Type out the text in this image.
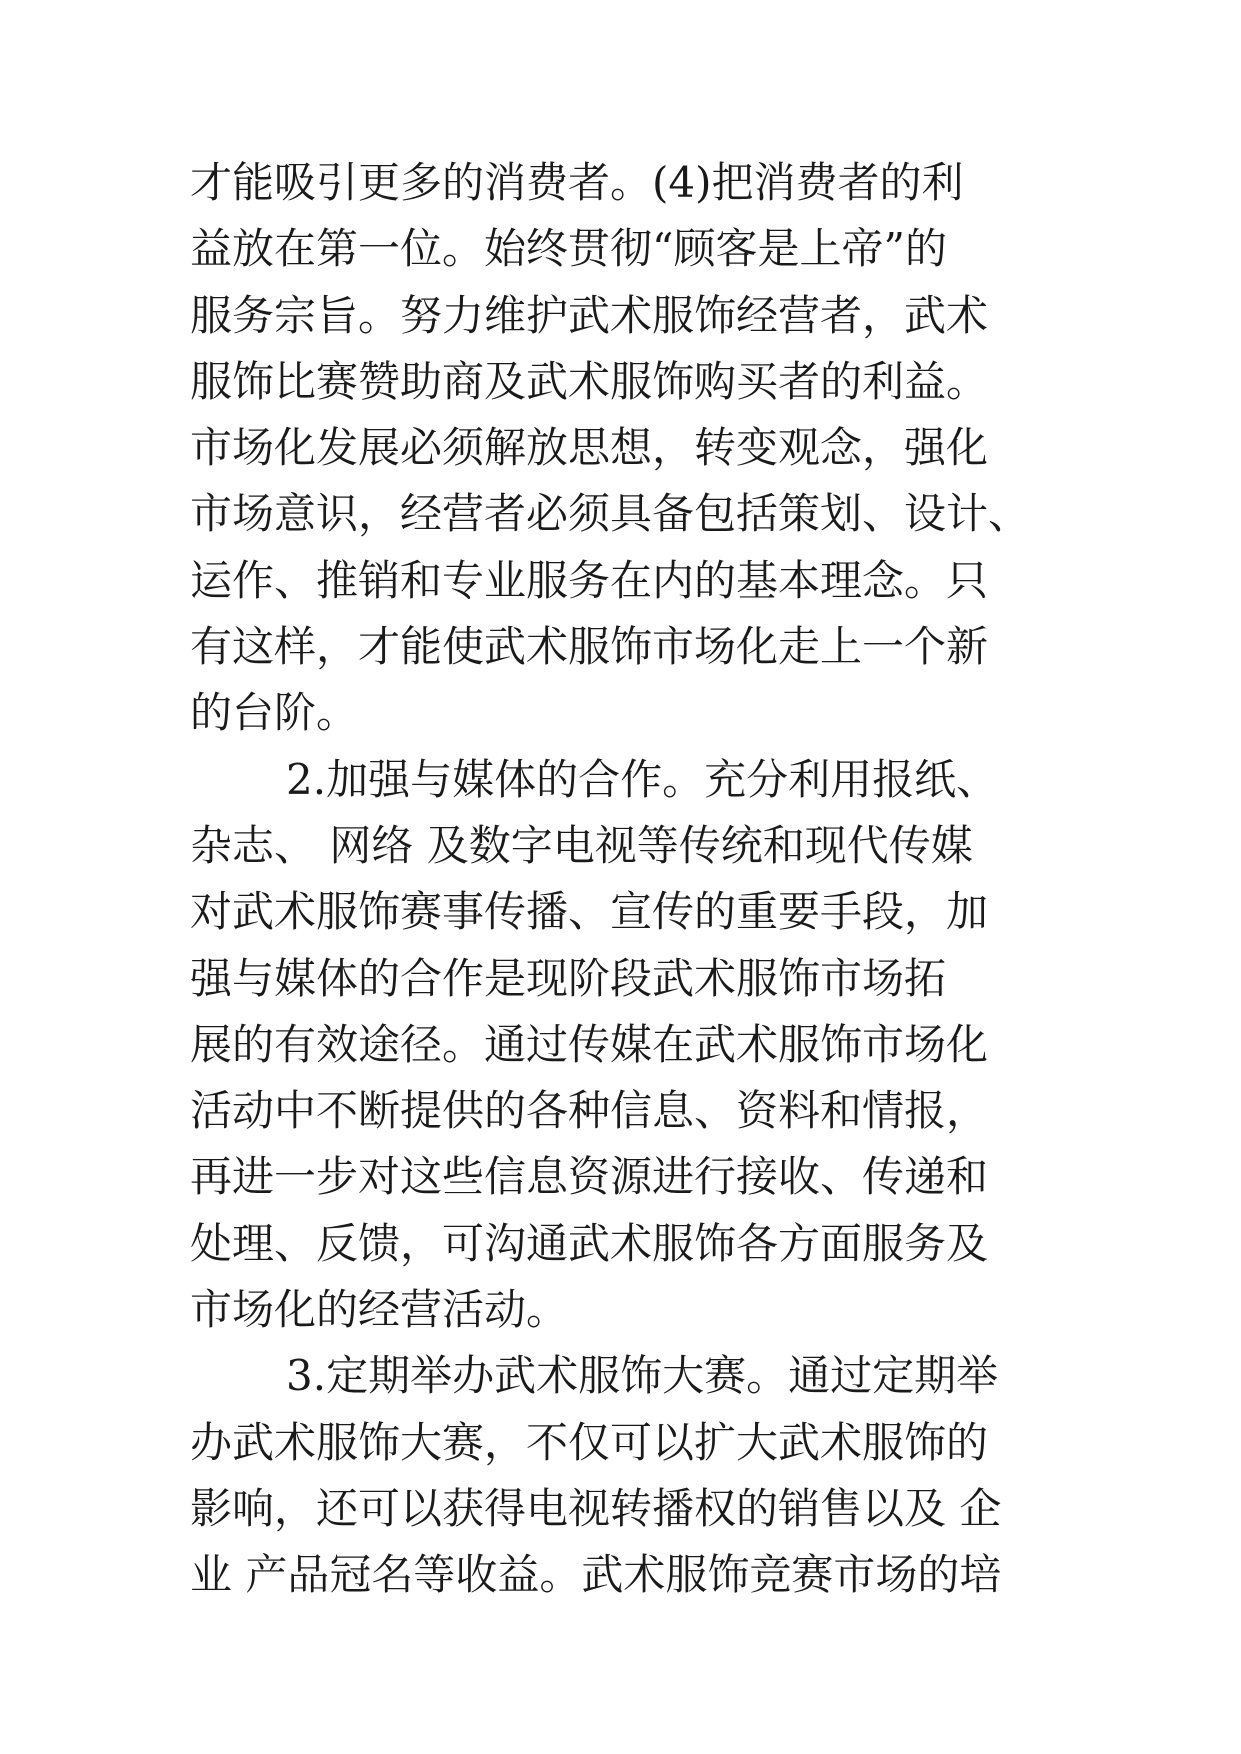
才能吸引更多的消费者。(4)把消费者的利
益放在第一位。始终贯彻“顾客是上帝”的
服务宗旨。努力维护武术服饰经营者，武术
服饰比赛赞助商及武术服饰购买者的利益。
市场化发展必须解放思想，转变观念，强化
市场意识，经营者必须具备包括策划、设计、
运作、推销和专业服务在内的基本理念。只
有这样，才能使武术服饰市场化走上一个新
的台阶。
2.加强与媒体的合作。充分利用报纸、
杂志、 网络 及数字电视等传统和现代传媒
对武术服饰赛事传播、宣传的重要手段，加
强与媒体的合作是现阶段武术服饰市场拓
展的有效途径。通过传媒在武术服饰市场化
活动中不断提供的各种信息、资料和情报，
再进一步对这些信息资源进行接收、传递和
处理、反馈，可沟通武术服饰各方面服务及
市场化的经营活动。
3.定期举办武术服饰大赛。通过定期举
办武术服饰大赛，不仅可以扩大武术服饰的
影响，还可以获得电视转播权的销售以及 企
业 产品冠名等收益。武术服饰竞赛市场的培
